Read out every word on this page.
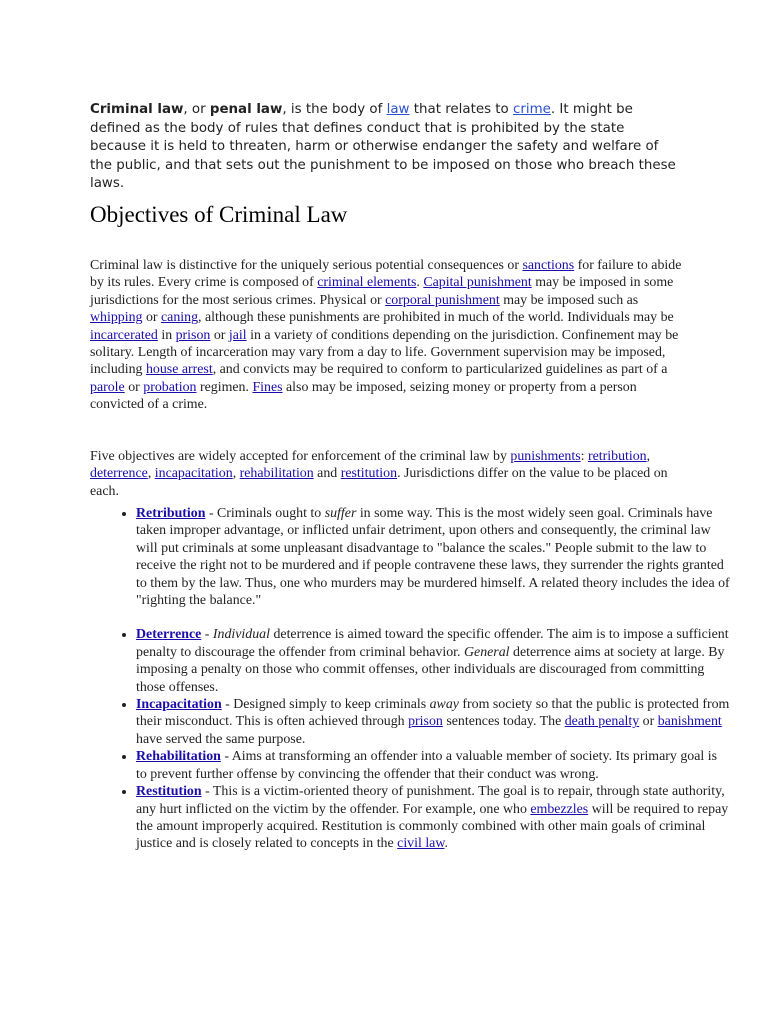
Criminal law, or penal law, is the body of law that relates to crime. It might be defined as the body of rules that defines conduct that is prohibited by the state because it is held to threaten, harm or otherwise endanger the safety and welfare of the public, and that sets out the punishment to be imposed on those who breach these laws.

Objectives of Criminal Law

Criminal law is distinctive for the uniquely serious potential consequences or sanctions for failure to abide by its rules. Every crime is composed of criminal elements. Capital punishment may be imposed in some jurisdictions for the most serious crimes. Physical or corporal punishment may be imposed such as whipping or caning, although these punishments are prohibited in much of the world. Individuals may be incarcerated in prison or jail in a variety of conditions depending on the jurisdiction. Confinement may be solitary. Length of incarceration may vary from a day to life. Government supervision may be imposed, including house arrest, and convicts may be required to conform to particularized guidelines as part of a parole or probation regimen. Fines also may be imposed, seizing money or property from a person convicted of a crime.

Five objectives are widely accepted for enforcement of the criminal law by punishments: retribution, deterrence, incapacitation, rehabilitation and restitution. Jurisdictions differ on the value to be placed on each.

• Retribution - Criminals ought to suffer in some way. This is the most widely seen goal. Criminals have taken improper advantage, or inflicted unfair detriment, upon others and consequently, the criminal law will put criminals at some unpleasant disadvantage to "balance the scales." People submit to the law to receive the right not to be murdered and if people contravene these laws, they surrender the rights granted to them by the law. Thus, one who murders may be murdered himself. A related theory includes the idea of "righting the balance."
• Deterrence - Individual deterrence is aimed toward the specific offender. The aim is to impose a sufficient penalty to discourage the offender from criminal behavior. General deterrence aims at society at large. By imposing a penalty on those who commit offenses, other individuals are discouraged from committing those offenses.
• Incapacitation - Designed simply to keep criminals away from society so that the public is protected from their misconduct. This is often achieved through prison sentences today. The death penalty or banishment have served the same purpose.
• Rehabilitation - Aims at transforming an offender into a valuable member of society. Its primary goal is to prevent further offense by convincing the offender that their conduct was wrong.
• Restitution - This is a victim-oriented theory of punishment. The goal is to repair, through state authority, any hurt inflicted on the victim by the offender. For example, one who embezzles will be required to repay the amount improperly acquired. Restitution is commonly combined with other main goals of criminal justice and is closely related to concepts in the civil law.
